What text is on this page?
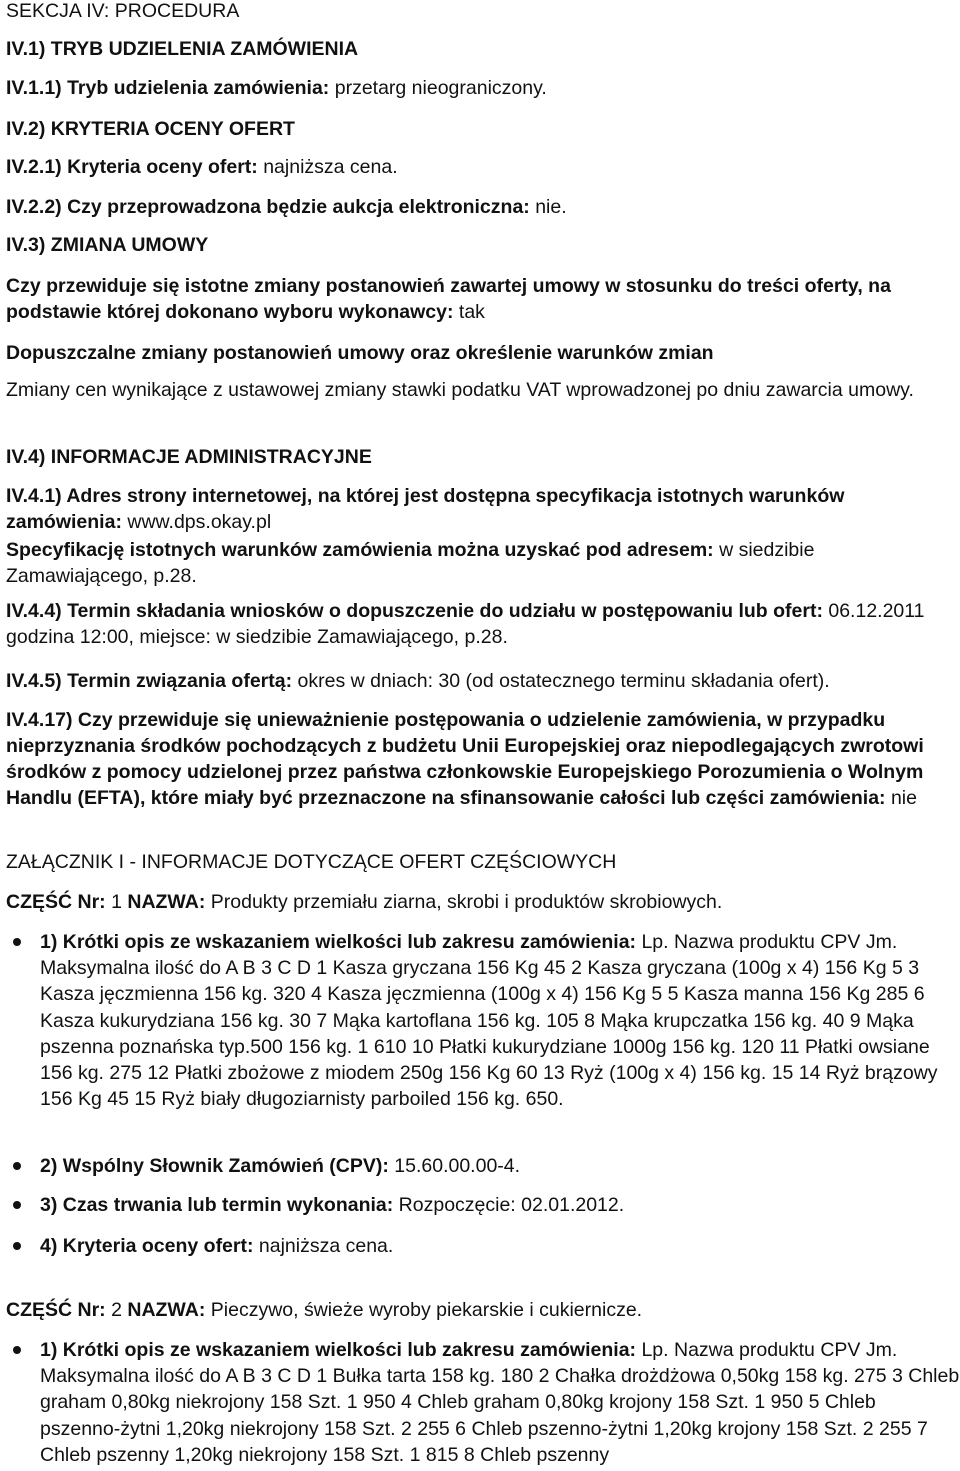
SEKCJA IV: PROCEDURA
IV.1) TRYB UDZIELENIA ZAMÓWIENIA
IV.1.1) Tryb udzielenia zamówienia: przetarg nieograniczony.
IV.2) KRYTERIA OCENY OFERT
IV.2.1) Kryteria oceny ofert: najniższa cena.
IV.2.2) Czy przeprowadzona będzie aukcja elektroniczna: nie.
IV.3) ZMIANA UMOWY
Czy przewiduje się istotne zmiany postanowień zawartej umowy w stosunku do treści oferty, na podstawie której dokonano wyboru wykonawcy: tak
Dopuszczalne zmiany postanowień umowy oraz określenie warunków zmian
Zmiany cen wynikające z ustawowej zmiany stawki podatku VAT wprowadzonej po dniu zawarcia umowy.
IV.4) INFORMACJE ADMINISTRACYJNE
IV.4.1) Adres strony internetowej, na której jest dostępna specyfikacja istotnych warunków zamówienia: www.dps.okay.pl
Specyfikację istotnych warunków zamówienia można uzyskać pod adresem: w siedzibie Zamawiającego, p.28.
IV.4.4) Termin składania wniosków o dopuszczenie do udziału w postępowaniu lub ofert: 06.12.2011 godzina 12:00, miejsce: w siedzibie Zamawiającego, p.28.
IV.4.5) Termin związania ofertą: okres w dniach: 30 (od ostatecznego terminu składania ofert).
IV.4.17) Czy przewiduje się unieważnienie postępowania o udzielenie zamówienia, w przypadku nieprzyznania środków pochodzących z budżetu Unii Europejskiej oraz niepodlegających zwrotowi środków z pomocy udzielonej przez państwa członkowskie Europejskiego Porozumienia o Wolnym Handlu (EFTA), które miały być przeznaczone na sfinansowanie całości lub części zamówienia: nie
ZAŁĄCZNIK I - INFORMACJE DOTYCZĄCE OFERT CZĘŚCIOWYCH
CZĘŚĆ Nr: 1 NAZWA: Produkty przemiału ziarna, skrobi i produktów skrobiowych.
1) Krótki opis ze wskazaniem wielkości lub zakresu zamówienia: Lp. Nazwa produktu CPV Jm. Maksymalna ilość do A B 3 C D 1 Kasza gryczana 156 Kg 45 2 Kasza gryczana (100g x 4) 156 Kg 5 3 Kasza jęczmienna 156 kg. 320 4 Kasza jęczmienna (100g x 4) 156 Kg 5 5 Kasza manna 156 Kg 285 6 Kasza kukurydziana 156 kg. 30 7 Mąka kartoflana 156 kg. 105 8 Mąka krupczatka 156 kg. 40 9 Mąka pszenna poznańska typ.500 156 kg. 1 610 10 Płatki kukurydziane 1000g 156 kg. 120 11 Płatki owsiane 156 kg. 275 12 Płatki zbożowe z miodem 250g 156 Kg 60 13 Ryż (100g x 4) 156 kg. 15 14 Ryż brązowy 156 Kg 45 15 Ryż biały długoziarnisty parboiled 156 kg. 650.
2) Wspólny Słownik Zamówień (CPV): 15.60.00.00-4.
3) Czas trwania lub termin wykonania: Rozpoczęcie: 02.01.2012.
4) Kryteria oceny ofert: najniższa cena.
CZĘŚĆ Nr: 2 NAZWA: Pieczywo, świeże wyroby piekarskie i cukiernicze.
1) Krótki opis ze wskazaniem wielkości lub zakresu zamówienia: Lp. Nazwa produktu CPV Jm. Maksymalna ilość do A B 3 C D 1 Bułka tarta 158 kg. 180 2 Chałka drożdżowa 0,50kg 158 kg. 275 3 Chleb graham 0,80kg niekrojony 158 Szt. 1 950 4 Chleb graham 0,80kg krojony 158 Szt. 1 950 5 Chleb pszenno-żytni 1,20kg niekrojony 158 Szt. 2 255 6 Chleb pszenno-żytni 1,20kg krojony 158 Szt. 2 255 7 Chleb pszenny 1,20kg niekrojony 158 Szt. 1 815 8 Chleb pszenny
